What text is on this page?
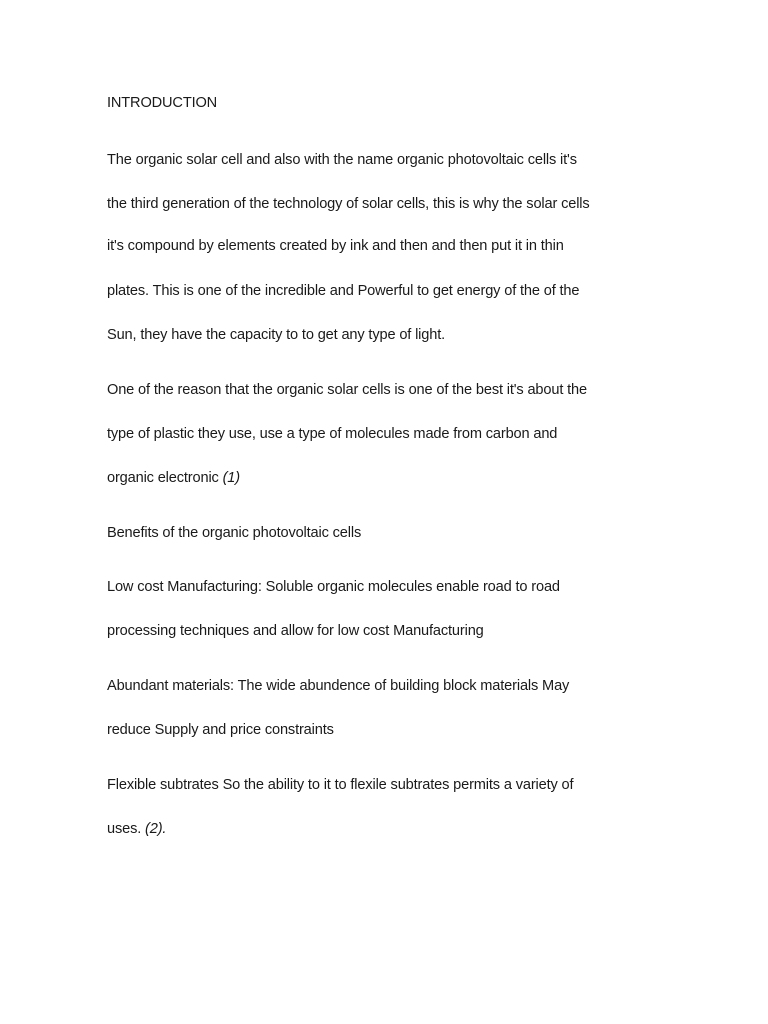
INTRODUCTION
The organic solar cell and also with the name organic photovoltaic cells it's
the third generation of the technology of solar cells, this is why the solar cells
it's compound by elements created by ink and then and then put it in thin
plates. This is one of the incredible and Powerful to get energy of the of the
Sun, they have the capacity to to get any type of light.
One of the reason that the organic solar cells is one of the best it's about the
type of plastic they use, use a type of molecules made from carbon and
organic electronic (1)
Benefits of the organic photovoltaic cells
Low cost Manufacturing: Soluble organic molecules enable road to road
processing techniques and allow for low cost Manufacturing
Abundant materials: The wide abundence of building block materials May
reduce Supply and price constraints
Flexible subtrates So the ability to it to flexile subtrates permits a variety of
uses. (2).
